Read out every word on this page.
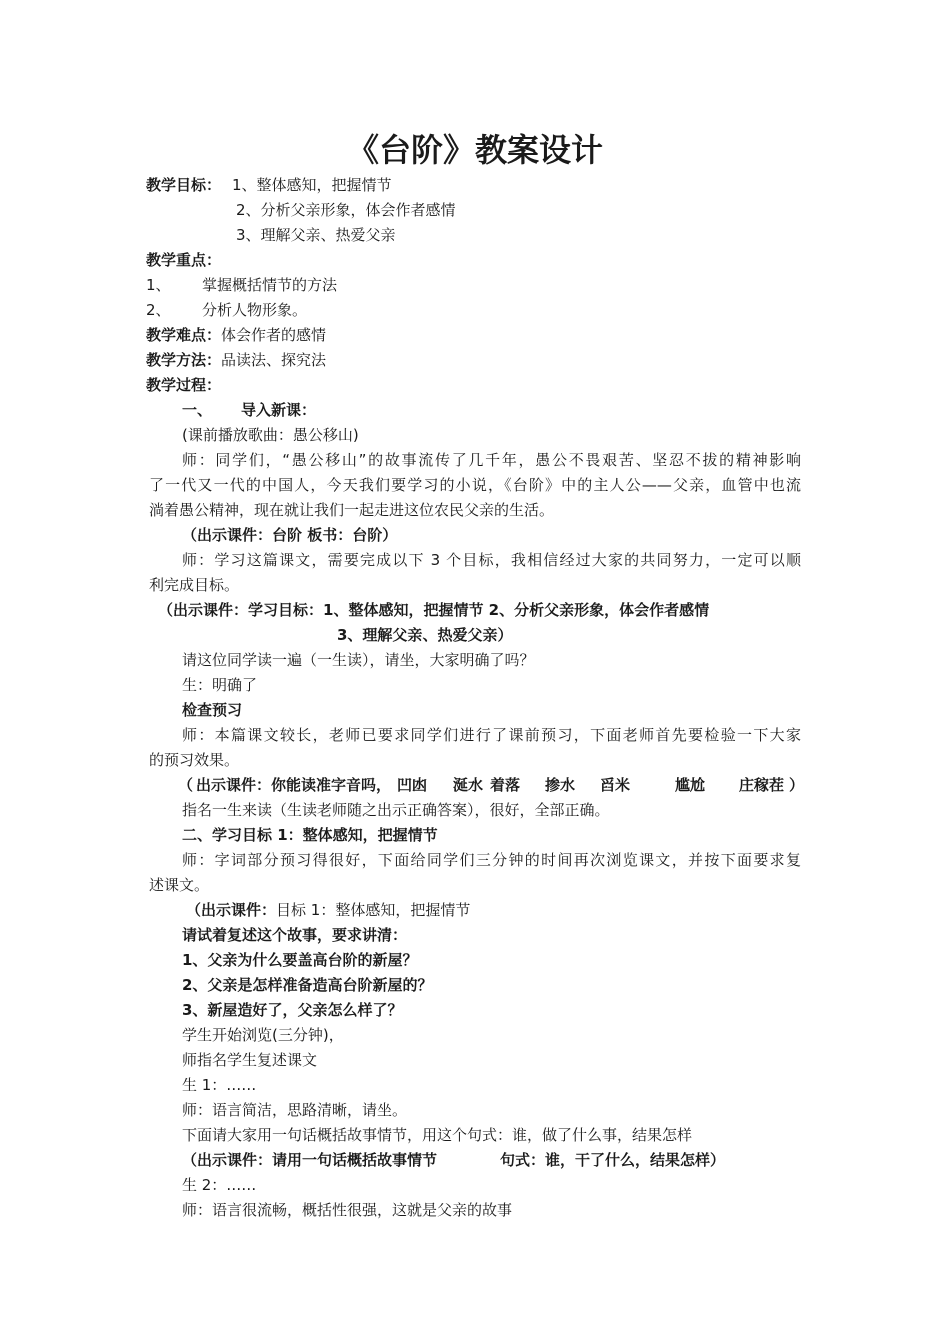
《台阶》教案设计
教学目标： 1、整体感知，把握情节
2、分析父亲形象，体会作者感情
3、理解父亲、热爱父亲
教学重点：
1、 掌握概括情节的方法
2、 分析人物形象。
教学难点：体会作者的感情
教学方法：品读法、探究法
教学过程：
一、 导入新课：
(课前播放歌曲：愚公移山)
师：同学们，“愚公移山”的故事流传了几千年，愚公不畏艰苦、坚忍不拔的精神影响
了一代又一代的中国人，今天我们要学习的小说，《台阶》中的主人公——父亲，血管中也流
淌着愚公精神，现在就让我们一起走进这位农民父亲的生活。
（出示课件：台阶 板书：台阶）
师：学习这篇课文，需要完成以下 3 个目标，我相信经过大家的共同努力，一定可以顺
利完成目标。
（出示课件：学习目标：1、整体感知，把握情节 2、分析父亲形象，体会作者感情
3、理解父亲、热爱父亲）
请这位同学读一遍（一生读），请坐，大家明确了吗？
生：明确了
检查预习
师：本篇课文较长，老师已要求同学们进行了课前预习，下面老师首先要检验一下大家
的预习效果。
（ 出示课件：你能读准字音吗， 凹凼 涎水 着落 掺水 舀米	尴尬 庄稼茬 ）
指名一生来读（生读老师随之出示正确答案），很好，全部正确。
二、学习目标 1：整体感知，把握情节
师：字词部分预习得很好，下面给同学们三分钟的时间再次浏览课文，并按下面要求复
述课文。
（出示课件：目标 1：整体感知，把握情节
请试着复述这个故事，要求讲清：
1、父亲为什么要盖高台阶的新屋？
2、父亲是怎样准备造高台阶新屋的？
3、新屋造好了，父亲怎么样了？
学生开始浏览(三分钟)，
师指名学生复述课文
生 1：……
师：语言简洁，思路清晰，请坐。
下面请大家用一句话概括故事情节，用这个句式：谁，做了什么事，结果怎样
（出示课件：请用一句话概括故事情节	句式：谁，干了什么，结果怎样）
生 2：……
师：语言很流畅，概括性很强，这就是父亲的故事
